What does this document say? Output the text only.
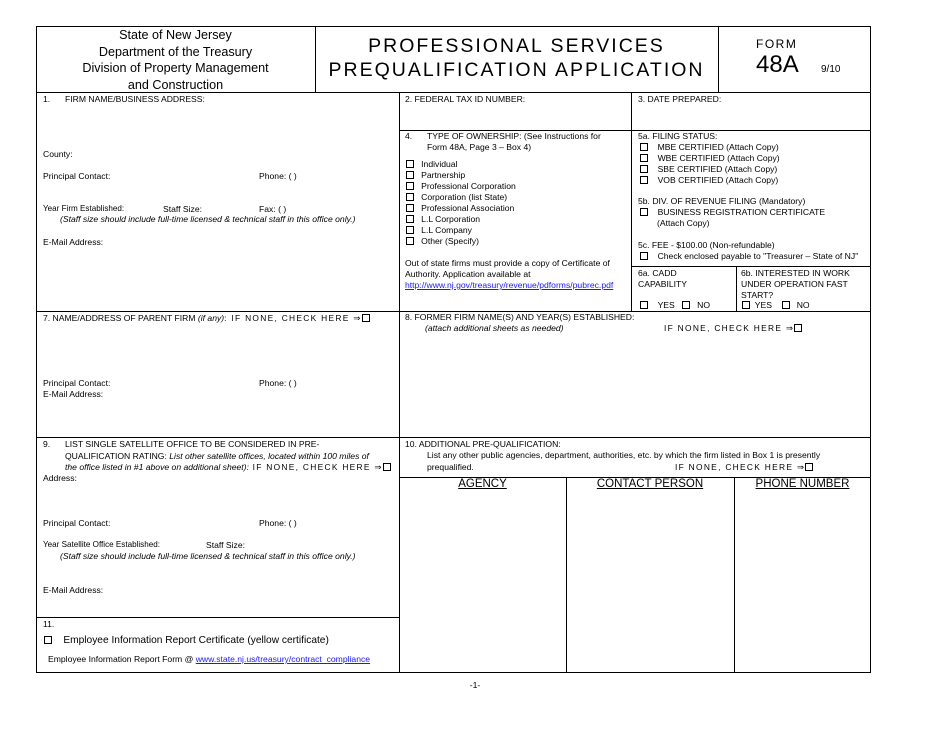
State of New Jersey
Department of the Treasury
Division of Property Management
and Construction
PROFESSIONAL SERVICES
PREQUALIFICATION APPLICATION
FORM
48A 9/10
1. FIRM NAME/BUSINESS ADDRESS:
County:
Principal Contact:	Phone: ( )
Year Firm Established:	Staff Size:	Fax: ( )
(Staff size should include full-time licensed & technical staff in this office only.)
E-Mail Address:
2. FEDERAL TAX ID NUMBER:	3. DATE PREPARED:
4. TYPE OF OWNERSHIP: (See Instructions for
Form 48A, Page 3 – Box 4)
Individual
Partnership
Professional Corporation
Corporation (list State)
Professional Association
L.L Corporation
L.L Company
Other (Specify)
Out of state firms must provide a copy of Certificate of
Authority. Application available at
http://www.nj.gov/treasury/revenue/pdforms/pubrec.pdf
5a. FILING STATUS:
MBE CERTIFIED (Attach Copy)
WBE CERTIFIED (Attach Copy)
SBE CERTIFIED (Attach Copy)
VOB CERTIFIED (Attach Copy)
5b. DIV. OF REVENUE FILING (Mandatory)
BUSINESS REGISTRATION CERTIFICATE
(Attach Copy)
5c. FEE - $100.00 (Non-refundable)
Check enclosed payable to "Treasurer – State of NJ"
6a. CADD
CAPABILITY
YES	NO
6b. INTERESTED IN WORK
UNDER OPERATION FAST
START?
YES	NO
7. NAME/ADDRESS OF PARENT FIRM (if any): IF NONE, CHECK HERE ⇒
Principal Contact:	Phone: ( )
E-Mail Address:
8. FORMER FIRM NAME(S) AND YEAR(S) ESTABLISHED:
(attach additional sheets as needed)	IF NONE, CHECK HERE ⇒
9. LIST SINGLE SATELLITE OFFICE TO BE CONSIDERED IN PRE-
QUALIFICATION RATING: List other satellite offices, located within 100 miles of
the office listed in #1 above on additional sheet): IF NONE, CHECK HERE ⇒
Address:
Principal Contact:	Phone: ( )
Year Satellite Office Established:	Staff Size:
(Staff size should include full-time licensed & technical staff in this office only.)
E-Mail Address:
10. ADDITIONAL PRE-QUALIFICATION:
List any other public agencies, department, authorities, etc. by which the firm listed in Box 1 is presently
prequalified.	IF NONE, CHECK HERE ⇒
AGENCY	CONTACT PERSON	PHONE NUMBER
11.
Employee Information Report Certificate (yellow certificate)
Employee Information Report Form @ www.state.nj.us/treasury/contract_compliance
-1-
